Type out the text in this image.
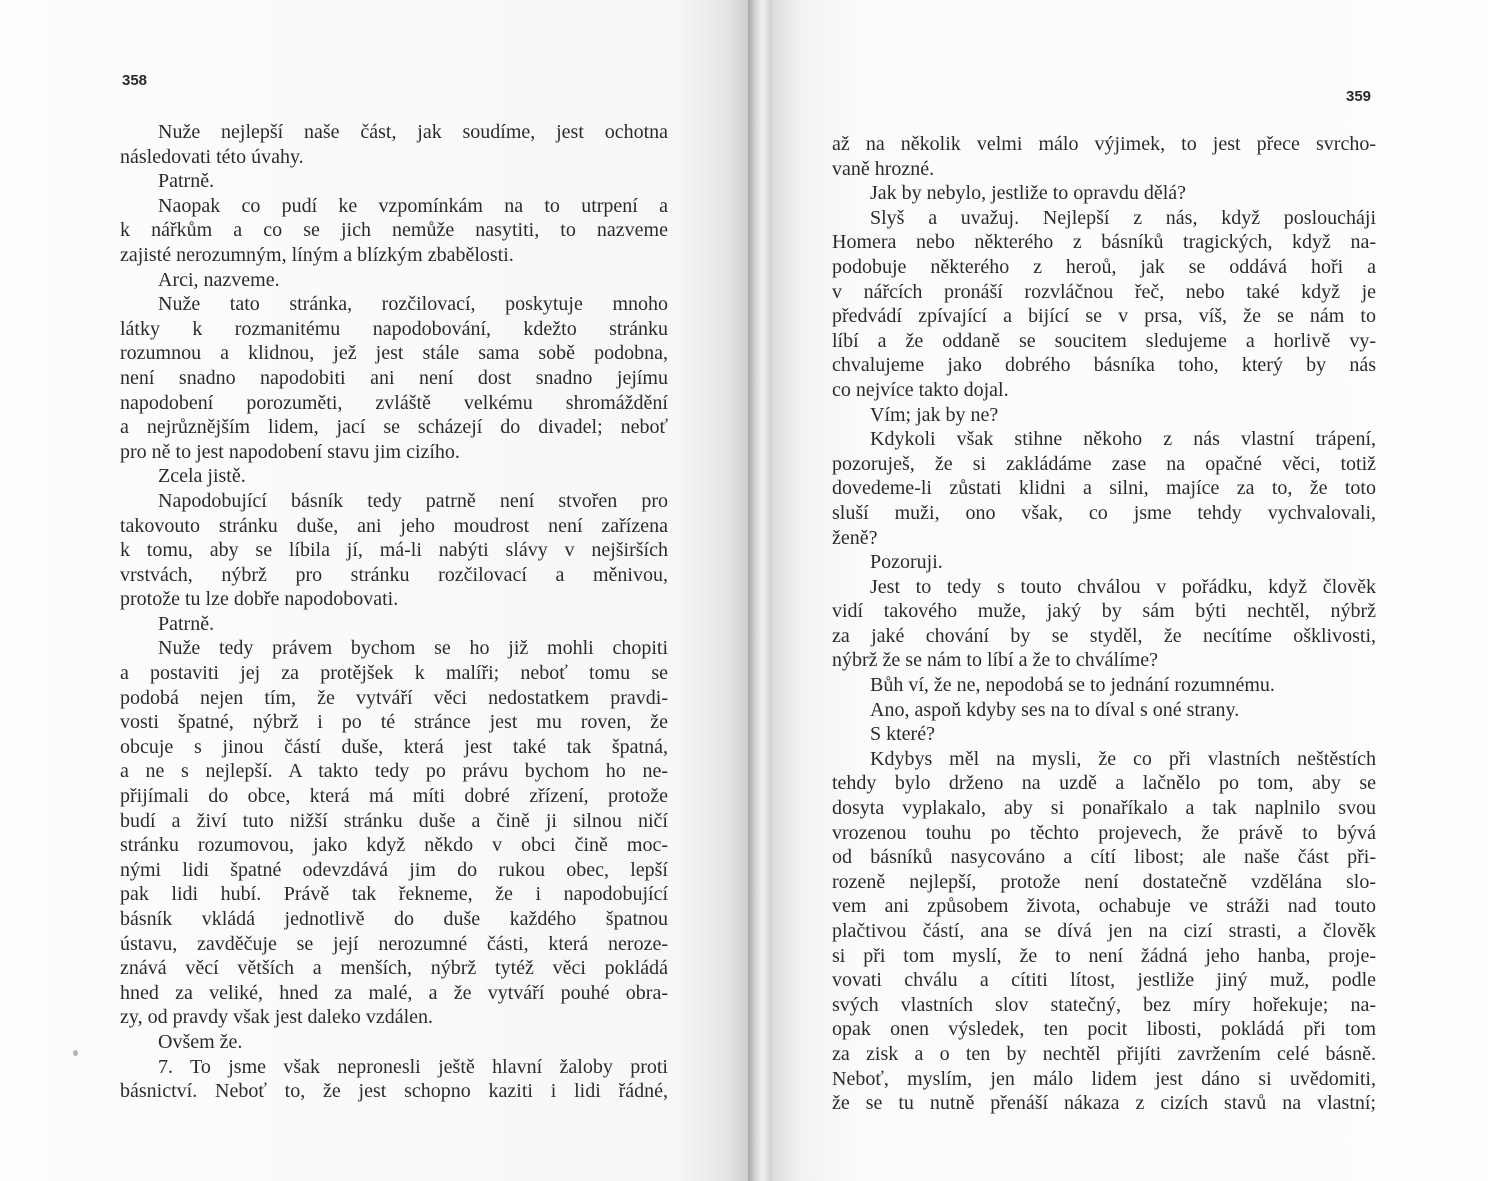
358
Nuže nejlepší naše část, jak soudíme, jest ochotna
následovati této úvahy.
Patrně.
Naopak co pudí ke vzpomínkám na to utrpení a
k nářkům a co se jich nemůže nasytiti, to nazveme
zajisté nerozumným, líným a blízkým zbabělosti.
Arci, nazveme.
Nuže tato stránka, rozčilovací, poskytuje mnoho
látky k rozmanitému napodobování, kdežto stránku
rozumnou a klidnou, jež jest stále sama sobě podobna,
není snadno napodobiti ani není dost snadno jejímu
napodobení porozuměti, zvláště velkému shromáždění
a nejrůznějším lidem, jací se scházejí do divadel; neboť
pro ně to jest napodobení stavu jim cizího.
Zcela jistě.
Napodobující básník tedy patrně není stvořen pro
takovouto stránku duše, ani jeho moudrost není zařízena
k tomu, aby se líbila jí, má-li nabýti slávy v nejširších
vrstvách, nýbrž pro stránku rozčilovací a měnivou,
protože tu lze dobře napodobovati.
Patrně.
Nuže tedy právem bychom se ho již mohli chopiti
a postaviti jej za protějšek k malíři; neboť tomu se
podobá nejen tím, že vytváří věci nedostatkem pravdi-
vosti špatné, nýbrž i po té stránce jest mu roven, že
obcuje s jinou částí duše, která jest také tak špatná,
a ne s nejlepší. A takto tedy po právu bychom ho ne-
přijímali do obce, která má míti dobré zřízení, protože
budí a živí tuto nižší stránku duše a čině ji silnou ničí
stránku rozumovou, jako když někdo v obci čině moc-
nými lidi špatné odevzdává jim do rukou obec, lepší
pak lidi hubí. Právě tak řekneme, že i napodobující
básník vkládá jednotlivě do duše každého špatnou
ústavu, zavděčuje se její nerozumné části, která neroze-
znává věcí větších a menších, nýbrž tytéž věci pokládá
hned za veliké, hned za malé, a že vytváří pouhé obra-
zy, od pravdy však jest daleko vzdálen.
Ovšem že.
7. To jsme však nepronesli ještě hlavní žaloby proti
básnictví. Neboť to, že jest schopno kaziti i lidi řádné,
359
až na několik velmi málo výjimek, to jest přece svrcho-
vaně hrozné.
Jak by nebylo, jestliže to opravdu dělá?
Slyš a uvažuj. Nejlepší z nás, když posloucháji
Homera nebo některého z básníků tragických, když na-
podobuje některého z heroů, jak se oddává hoři a
v nářcích pronáší rozvláčnou řeč, nebo také když je
předvádí zpívající a bijící se v prsa, víš, že se nám to
líbí a že oddaně se soucitem sledujeme a horlivě vy-
chvalujeme jako dobrého básníka toho, který by nás
co nejvíce takto dojal.
Vím; jak by ne?
Kdykoli však stihne někoho z nás vlastní trápení,
pozoruješ, že si zakládáme zase na opačné věci, totiž
dovedeme-li zůstati klidni a silni, majíce za to, že toto
sluší muži, ono však, co jsme tehdy vychvalovali,
ženě?
Pozoruji.
Jest to tedy s touto chválou v pořádku, když člověk
vidí takového muže, jaký by sám býti nechtěl, nýbrž
za jaké chování by se styděl, že necítíme ošklivosti,
nýbrž že se nám to líbí a že to chválíme?
Bůh ví, že ne, nepodobá se to jednání rozumnému.
Ano, aspoň kdyby ses na to díval s oné strany.
S které?
Kdybys měl na mysli, že co při vlastních neštěstích
tehdy bylo drženo na uzdě a lačnělo po tom, aby se
dosyta vyplakalo, aby si ponaříkalo a tak naplnilo svou
vrozenou touhu po těchto projevech, že právě to bývá
od básníků nasycováno a cítí libost; ale naše část při-
rozeně nejlepší, protože není dostatečně vzdělána slo-
vem ani způsobem života, ochabuje ve stráži nad touto
plačtivou částí, ana se dívá jen na cizí strasti, a člověk
si při tom myslí, že to není žádná jeho hanba, proje-
vovati chválu a cítiti lítost, jestliže jiný muž, podle
svých vlastních slov statečný, bez míry hořekuje; na-
opak onen výsledek, ten pocit libosti, pokládá při tom
za zisk a o ten by nechtěl přijíti zavržením celé básně.
Neboť, myslím, jen málo lidem jest dáno si uvědomiti,
že se tu nutně přenáší nákaza z cizích stavů na vlastní;
